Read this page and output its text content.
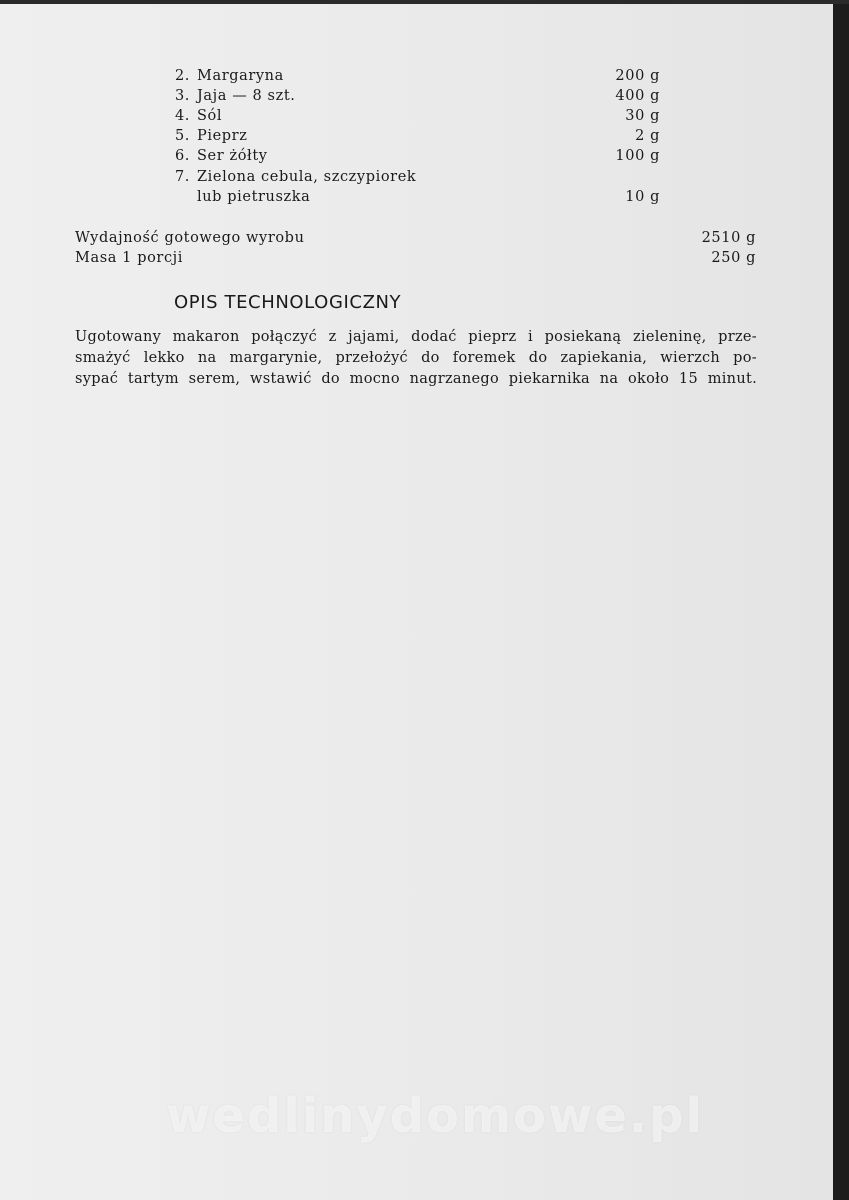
2. Margaryna	200 g
3. Jaja — 8 szt.	400 g
4. Sól	30 g
5. Pieprz	2 g
6. Ser żółty	100 g
7. Zielona cebula, szczypiorek
lub pietruszka	10 g
Wydajność gotowego wyrobu	2510 g
Masa 1 porcji	250 g
OPIS TECHNOLOGICZNY
Ugotowany makaron połączyć z jajami, dodać pieprz i posiekaną zieleninę, prze-
smażyć lekko na margarynie, przełożyć do foremek do zapiekania, wierzch po-
sypać tartym serem, wstawić do mocno nagrzanego piekarnika na około 15 minut.
wedlinydomowe.pl
